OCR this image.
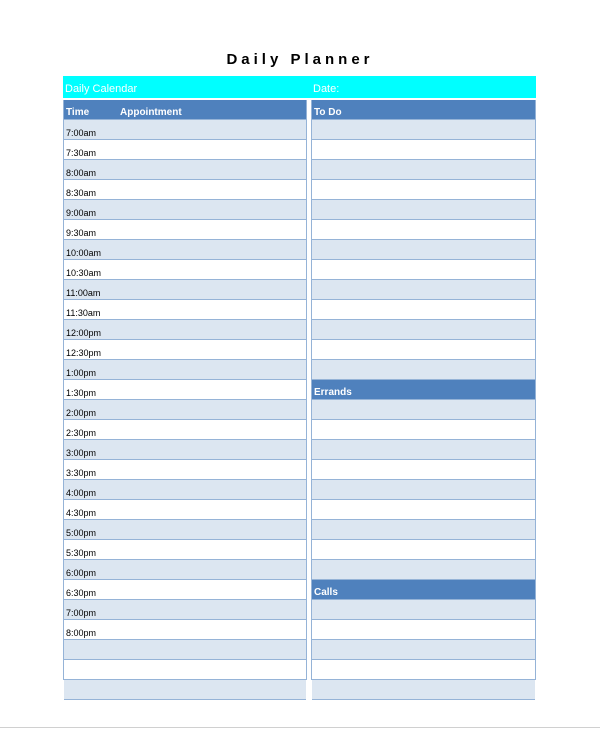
Daily Planner
Daily Calendar	Date:
Time	Appointment
7:00am
7:30am
8:00am
8:30am
9:00am
9:30am
10:00am
10:30am
11:00am
11:30am
12:00pm
12:30pm
1:00pm
1:30pm
2:00pm
2:30pm
3:00pm
3:30pm
4:00pm
4:30pm
5:00pm
5:30pm
6:00pm
6:30pm
7:00pm
8:00pm
To Do
Errands
Calls
